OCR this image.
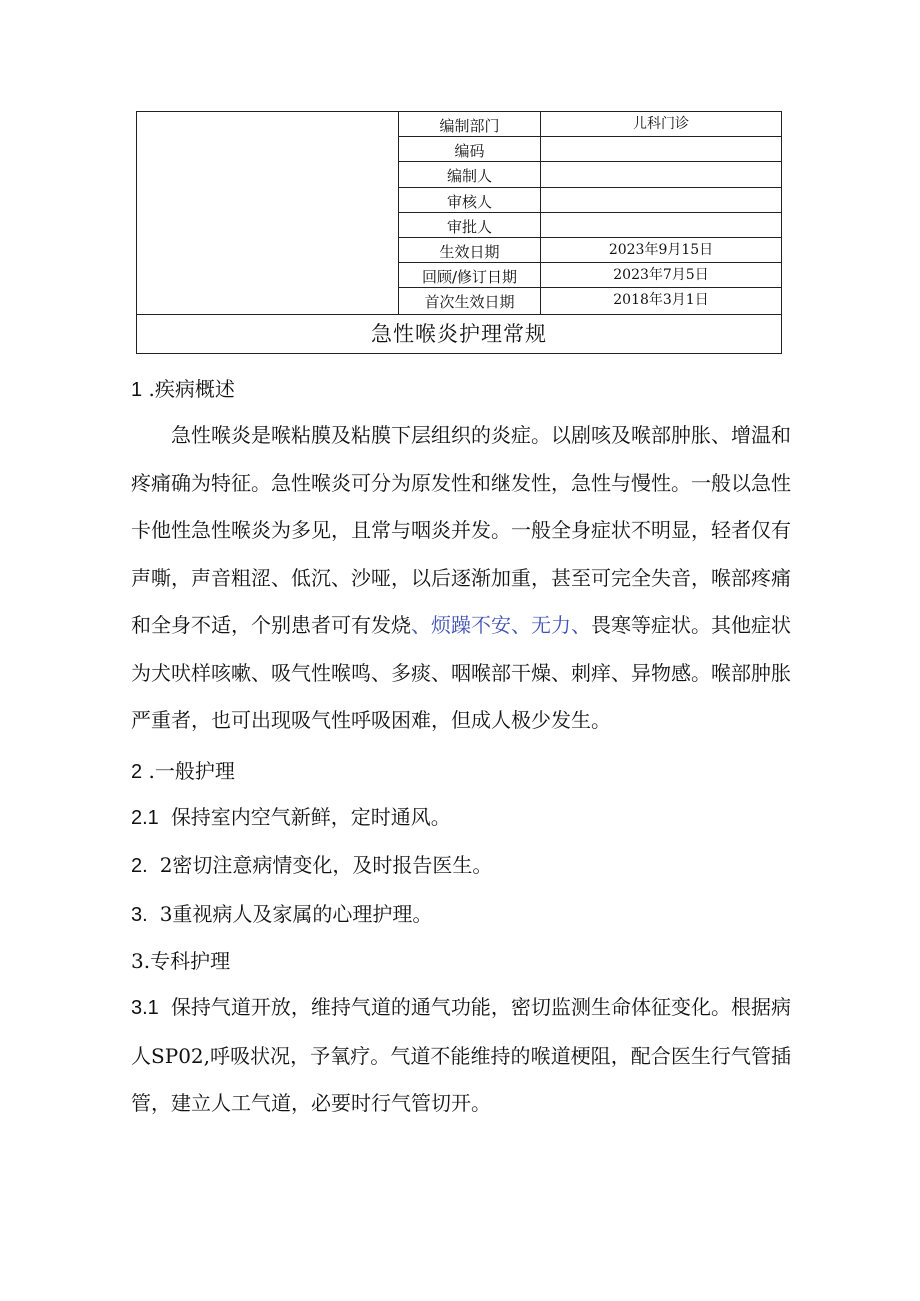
编制部门	儿科门诊
编码
编制人
审核人
审批人
生效日期	2023年9月15日
回顾/修订日期	2023年7月5日
首次生效日期	2018年3月1日
急性喉炎护理常规
1 .疾病概述

急性喉炎是喉粘膜及粘膜下层组织的炎症。以剧咳及喉部肿胀、增温和疼痛确为特征。急性喉炎可分为原发性和继发性，急性与慢性。一般以急性卡他性急性喉炎为多见，且常与咽炎并发。一般全身症状不明显，轻者仅有声嘶，声音粗涩、低沉、沙哑，以后逐渐加重，甚至可完全失音，喉部疼痛和全身不适，个别患者可有发烧、烦躁不安、无力、畏寒等症状。其他症状为犬吠样咳嗽、吸气性喉鸣、多痰、咽喉部干燥、刺痒、异物感。喉部肿胀严重者，也可出现吸气性呼吸困难，但成人极少发生。

2 .一般护理

2.1 保持室内空气新鲜，定时通风。

2. 2密切注意病情变化，及时报告医生。

3. 3重视病人及家属的心理护理。

3.专科护理

3.1 保持气道开放，维持气道的通气功能，密切监测生命体征变化。根据病人SP02,呼吸状况，予氧疗。气道不能维持的喉道梗阻，配合医生行气管插管，建立人工气道，必要时行气管切开。
